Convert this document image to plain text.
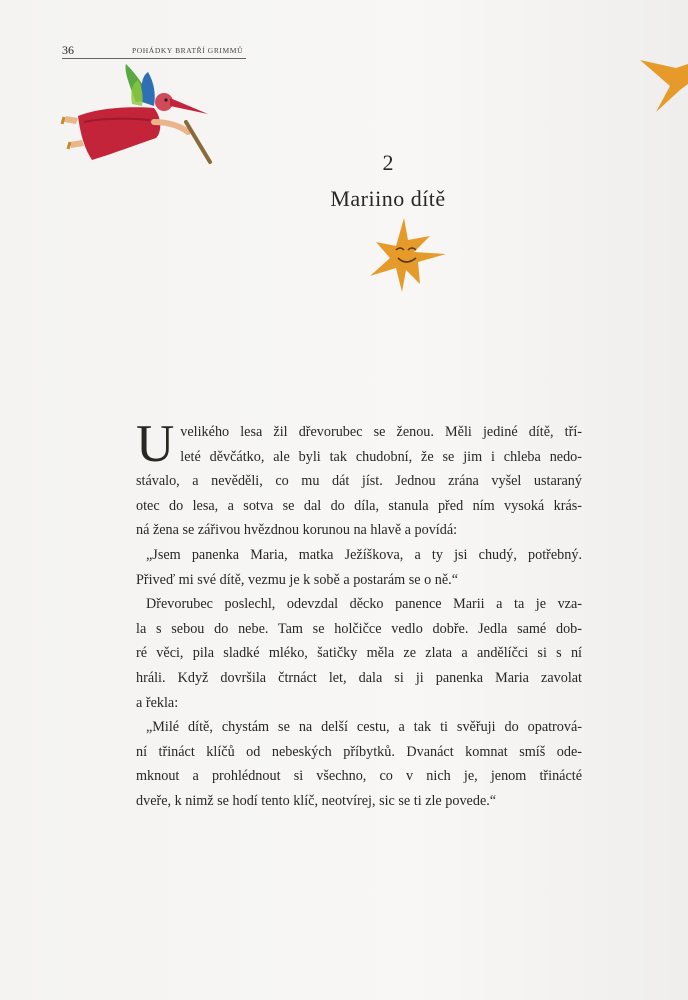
36	POHÁDKY BRATŘÍ GRIMMŮ
2
Mariino dítě

U velikého lesa žil dřevorubec se ženou. Měli jediné dítě, tří-
leté děvčátko, ale byli tak chudobní, že se jim i chleba nedo-
stávalo, a nevěděli, co mu dát jíst. Jednou zrána vyšel ustaraný
otec do lesa, a sotva se dal do díla, stanula před ním vysoká krás-
ná žena se zářivou hvězdnou korunou na hlavě a povídá:

„Jsem panenka Maria, matka Ježíškova, a ty jsi chudý, potřebný.
Přiveď mi své dítě, vezmu je k sobě a postarám se o ně.“

Dřevorubec poslechl, odevzdal děcko panence Marii a ta je vza-
la s sebou do nebe. Tam se holčičce vedlo dobře. Jedla samé dob-
ré věci, pila sladké mléko, šatičky měla ze zlata a andělíčci si s ní
hráli. Když dovršila čtrnáct let, dala si ji panenka Maria zavolat
a řekla:

„Milé dítě, chystám se na delší cestu, a tak ti svěřuji do opatrová-
ní třináct klíčů od nebeských příbytků. Dvanáct komnat smíš ode-
mknout a prohlédnout si všechno, co v nich je, jenom třinácté
dveře, k nimž se hodí tento klíč, neotvírej, sic se ti zle povede.“
